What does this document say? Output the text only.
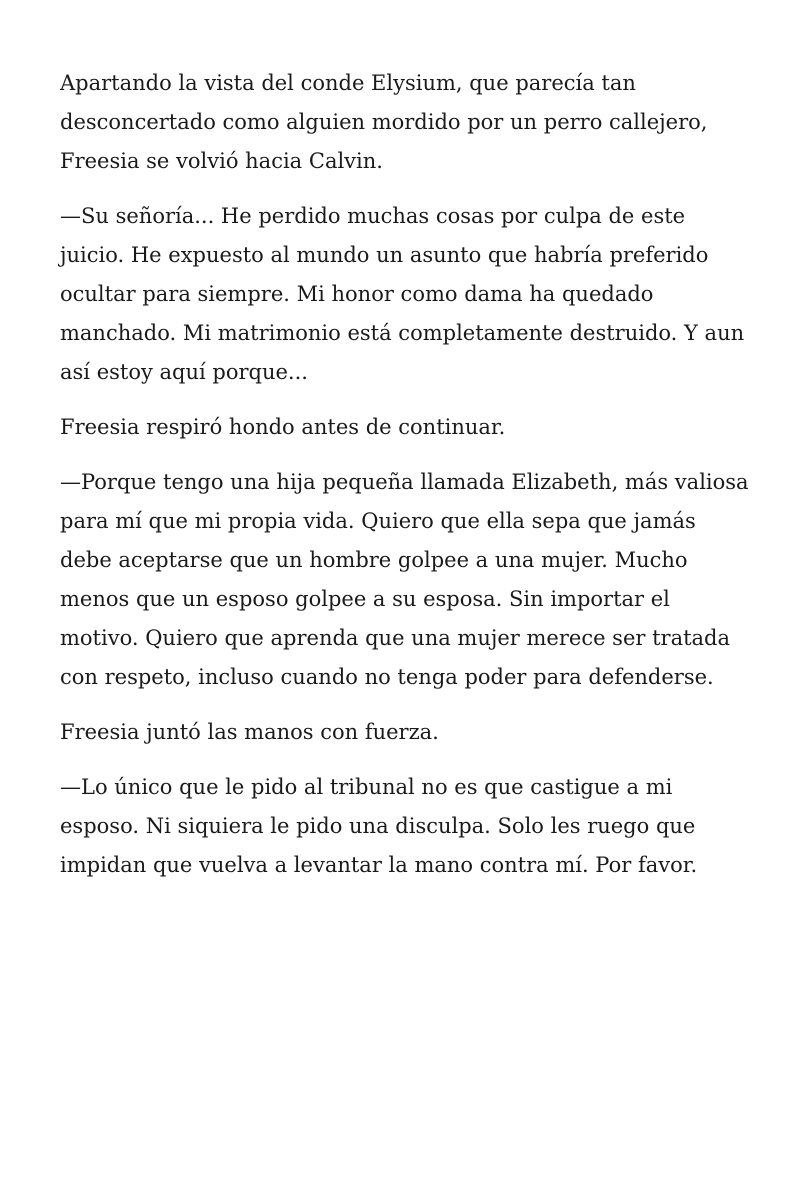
Apartando la vista del conde Elysium, que parecía tan desconcertado como alguien mordido por un perro callejero, Freesia se volvió hacia Calvin.

—Su señoría... He perdido muchas cosas por culpa de este juicio. He expuesto al mundo un asunto que habría preferido ocultar para siempre. Mi honor como dama ha quedado manchado. Mi matrimonio está completamente destruido. Y aun así estoy aquí porque...

Freesia respiró hondo antes de continuar.

—Porque tengo una hija pequeña llamada Elizabeth, más valiosa para mí que mi propia vida. Quiero que ella sepa que jamás debe aceptarse que un hombre golpee a una mujer. Mucho menos que un esposo golpee a su esposa. Sin importar el motivo. Quiero que aprenda que una mujer merece ser tratada con respeto, incluso cuando no tenga poder para defenderse.

Freesia juntó las manos con fuerza.

—Lo único que le pido al tribunal no es que castigue a mi esposo. Ni siquiera le pido una disculpa. Solo les ruego que impidan que vuelva a levantar la mano contra mí. Por favor.
